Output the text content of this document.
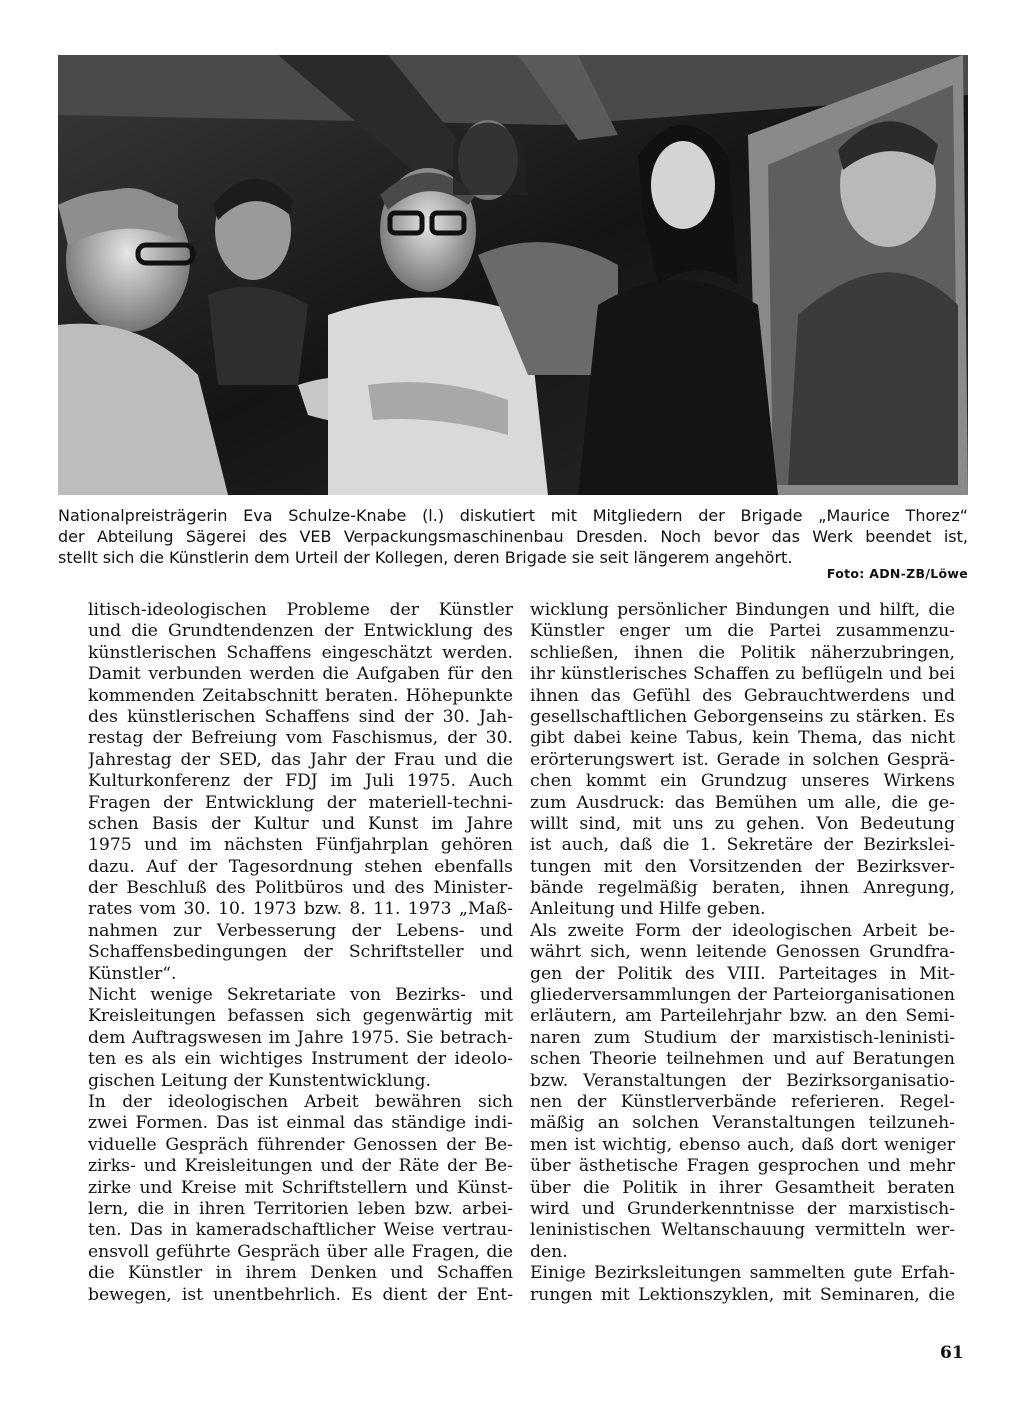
Nationalpreisträgerin Eva Schulze-Knabe (l.) diskutiert mit Mitgliedern der Brigade „Maurice Thorez“
der Abteilung Sägerei des VEB Verpackungsmaschinenbau Dresden. Noch bevor das Werk beendet ist,
stellt sich die Künstlerin dem Urteil der Kollegen, deren Brigade sie seit längerem angehört.
Foto: ADN-ZB/Löwe
litisch-ideologischen Probleme der Künstler
und die Grundtendenzen der Entwicklung des
künstlerischen Schaffens eingeschätzt werden.
Damit verbunden werden die Aufgaben für den
kommenden Zeitabschnitt beraten. Höhepunkte
des künstlerischen Schaffens sind der 30. Jah-
restag der Befreiung vom Faschismus, der 30.
Jahrestag der SED, das Jahr der Frau und die
Kulturkonferenz der FDJ im Juli 1975. Auch
Fragen der Entwicklung der materiell-techni-
schen Basis der Kultur und Kunst im Jahre
1975 und im nächsten Fünfjahrplan gehören
dazu. Auf der Tagesordnung stehen ebenfalls
der Beschluß des Politbüros und des Minister-
rates vom 30. 10. 1973 bzw. 8. 11. 1973 „Maß-
nahmen zur Verbesserung der Lebens- und
Schaffensbedingungen der Schriftsteller und
Künstler“.
Nicht wenige Sekretariate von Bezirks- und
Kreisleitungen befassen sich gegenwärtig mit
dem Auftragswesen im Jahre 1975. Sie betrach-
ten es als ein wichtiges Instrument der ideolo-
gischen Leitung der Kunstentwicklung.
In der ideologischen Arbeit bewähren sich
zwei Formen. Das ist einmal das ständige indi-
viduelle Gespräch führender Genossen der Be-
zirks- und Kreisleitungen und der Räte der Be-
zirke und Kreise mit Schriftstellern und Künst-
lern, die in ihren Territorien leben bzw. arbei-
ten. Das in kameradschaftlicher Weise vertrau-
ensvoll geführte Gespräch über alle Fragen, die
die Künstler in ihrem Denken und Schaffen
bewegen, ist unentbehrlich. Es dient der Ent-
wicklung persönlicher Bindungen und hilft, die
Künstler enger um die Partei zusammenzu-
schließen, ihnen die Politik näherzubringen,
ihr künstlerisches Schaffen zu beflügeln und bei
ihnen das Gefühl des Gebrauchtwerdens und
gesellschaftlichen Geborgenseins zu stärken. Es
gibt dabei keine Tabus, kein Thema, das nicht
erörterungswert ist. Gerade in solchen Gesprä-
chen kommt ein Grundzug unseres Wirkens
zum Ausdruck: das Bemühen um alle, die ge-
willt sind, mit uns zu gehen. Von Bedeutung
ist auch, daß die 1. Sekretäre der Bezirkslei-
tungen mit den Vorsitzenden der Bezirksver-
bände regelmäßig beraten, ihnen Anregung,
Anleitung und Hilfe geben.
Als zweite Form der ideologischen Arbeit be-
währt sich, wenn leitende Genossen Grundfra-
gen der Politik des VIII. Parteitages in Mit-
gliederversammlungen der Parteiorganisationen
erläutern, am Parteilehrjahr bzw. an den Semi-
naren zum Studium der marxistisch-leninisti-
schen Theorie teilnehmen und auf Beratungen
bzw. Veranstaltungen der Bezirksorganisatio-
nen der Künstlerverbände referieren. Regel-
mäßig an solchen Veranstaltungen teilzuneh-
men ist wichtig, ebenso auch, daß dort weniger
über ästhetische Fragen gesprochen und mehr
über die Politik in ihrer Gesamtheit beraten
wird und Grunderkenntnisse der marxistisch-
leninistischen Weltanschauung vermitteln wer-
den.
Einige Bezirksleitungen sammelten gute Erfah-
rungen mit Lektionszyklen, mit Seminaren, die
61
